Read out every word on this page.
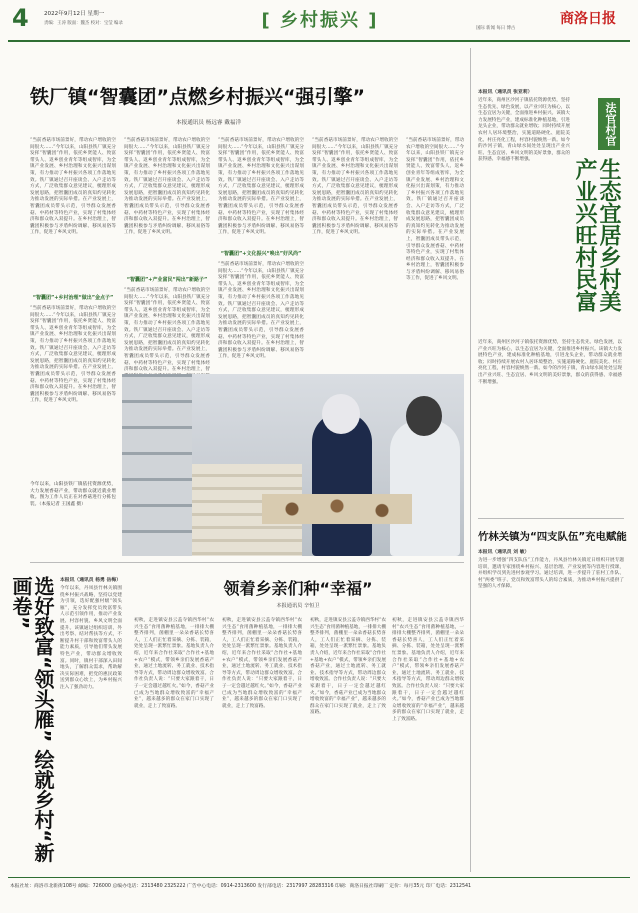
4	2022年9月12日 星期一
责编：王涛 版面：魏杰 校对：宝莹 编录	[ 乡村振兴 ]	商洛日报
国际 新闻 每日 博古
铁厂镇“智囊团”点燃乡村振兴“强引擎”
本报通讯员 杨远睿 戴福洋
“当前香菇市场前景好，带动农户增收的空间很大……”今年以来，山阳县铁厂镇充分发挥“智囊团”作用，依托乡贤能人、致富带头人、返乡创业青年等组成智库，为全镇产业发展、乡村治理和文化振兴出谋划策，有力推动了乡村振兴各项工作落地见效。铁厂镇通过召开座谈会、入户走访等方式，广泛收集群众意见建议，梳理形成发展思路，把智囊团成员的真知灼见转化为推动发展的实际举措。在产业发展上，智囊团成员带头示范，引导群众发展香菇、中药材等特色产业，实现了村集体经济和群众收入双提升。在乡村治理上，智囊团积极参与矛盾纠纷调解、移风易俗等工作，促进了乡风文明。
“智囊团”+乡村治理“做出”金点子”
“当前香菇市场前景好，带动农户增收的空间很大……”今年以来，山阳县铁厂镇充分发挥“智囊团”作用，依托乡贤能人、致富带头人、返乡创业青年等组成智库，为全镇产业发展、乡村治理和文化振兴出谋划策，有力推动了乡村振兴各项工作落地见效。铁厂镇通过召开座谈会、入户走访等方式，广泛收集群众意见建议，梳理形成发展思路，把智囊团成员的真知灼见转化为推动发展的实际举措。在产业发展上，智囊团成员带头示范，引导群众发展香菇、中药材等特色产业，实现了村集体经济和群众收入双提升。在乡村治理上，智囊团积极参与矛盾纠纷调解、移风易俗等工作，促进了乡风文明。
“当前香菇市场前景好，带动农户增收的空间很大……”今年以来，山阳县铁厂镇充分发挥“智囊团”作用，依托乡贤能人、致富带头人、返乡创业青年等组成智库，为全镇产业发展、乡村治理和文化振兴出谋划策，有力推动了乡村振兴各项工作落地见效。铁厂镇通过召开座谈会、入户走访等方式，广泛收集群众意见建议，梳理形成发展思路，把智囊团成员的真知灼见转化为推动发展的实际举措。在产业发展上，智囊团成员带头示范，引导群众发展香菇、中药材等特色产业，实现了村集体经济和群众收入双提升。在乡村治理上，智囊团积极参与矛盾纠纷调解、移风易俗等工作，促进了乡风文明。
“智囊团”+产业富民“闯出”新路子”
“当前香菇市场前景好，带动农户增收的空间很大……”今年以来，山阳县铁厂镇充分发挥“智囊团”作用，依托乡贤能人、致富带头人、返乡创业青年等组成智库，为全镇产业发展、乡村治理和文化振兴出谋划策，有力推动了乡村振兴各项工作落地见效。铁厂镇通过召开座谈会、入户走访等方式，广泛收集群众意见建议，梳理形成发展思路，把智囊团成员的真知灼见转化为推动发展的实际举措。在产业发展上，智囊团成员带头示范，引导群众发展香菇、中药材等特色产业，实现了村集体经济和群众收入双提升。在乡村治理上，智
“当前香菇市场前景好，带动农户增收的空间很大……”今年以来，山阳县铁厂镇充分发挥“智囊团”作用，依托乡贤能人、致富带头人、返乡创业青年等组成智库，为全镇产业发展、乡村治理和文化振兴出谋划策，有力推动了乡村振兴各项工作落地见效。铁厂镇通过召开座谈会、入户走访等方式，广泛收集群众意见建议，梳理形成发展思路，把智囊团成员的真知灼见转化为推动发展的实际举措。在产业发展上，智囊团成员带头示范，引导群众发展香菇、中药材等特色产业，实现了村集体经济和群众收入双提升。在乡村治理上，智囊团积极参与矛盾纠纷调解、移风易俗等工作，促进了乡风文明。
“智囊团”+文化振兴“唤出”好风尚”
“当前香菇市场前景好，带动农户增收的空间很大……”今年以来，山阳县铁厂镇充分发挥“智囊团”作用，依托乡贤能人、致富带头人、返乡创业青年等组成智库，为全镇产业发展、乡村治理和文化振兴出谋划策，有力推动了乡村振兴各项工作落地见效。铁厂镇通过召开座谈会、入户走访等方式，广泛收集群众意见建议，梳理形成发展思路，把智囊团成员的真知灼见转化为推动发展的实际举措。在产业发展上，智囊团成员带头示范，引导群众发展香菇、中药材等特色产业，实现了村集体经济和群众收入双提升。在乡村治理上，智囊团积极参与矛盾纠纷调解、移风易俗等工作，促进了乡风文明。
“当前香菇市场前景好，带动农户增收的空间很大……”今年以来，山阳县铁厂镇充分发挥“智囊团”作用，依托乡贤能人、致富带头人、返乡创业青年等组成智库，为全镇产业发展、乡村治理和文化振兴出谋划策，有力推动了乡村振兴各项工作落地见效。铁厂镇通过召开座谈会、入户走访等方式，广泛收集群众意见建议，梳理形成发展思路，把智囊团成员的真知灼见转化为推动发展的实际举措。在产业发展上，智囊团成员带头示范，引导群众发展香菇、中药材等特色产业，实现了村集体经济和群众收入双提升。在乡村治理上，智囊团积极参与矛盾纠纷调解、移风易俗等工作，促进了乡风文明。
“当前香菇市场前景好，带动农户增收的空间很大……”今年以来，山阳县铁厂镇充分发挥“智囊团”作用，依托乡贤能人、致富带头人、返乡创业青年等组成智库，为全镇产业发展、乡村治理和文化振兴出谋划策，有力推动了乡村振兴各项工作落地见效。铁厂镇通过召开座谈会、入户走访等方式，广泛收集群众意见建议，梳理形成发展思路，把智囊团成员的真知灼见转化为推动发展的实际举措。在产业发展上，智囊团成员带头示范，引导群众发展香菇、中药材等特色产业，实现了村集体经济和群众收入双提升。在乡村治理上，智囊团积极参与矛盾纠纷调解、移风易俗等工作，促进了乡风文明。
今年以来，山阳县铁厂镇依托资源优势，大力发展香菇产业，带动群众就近就业增收。图为工作人员正在对香菇进行分拣包装。（本报记者 王国鑫 摄）
选好致富“领头雁” 绘就乡村“新画卷”	本报讯（通讯员 杨勇 岳梅）
今年以来，丹凤县竹林关镇围绕乡村振兴战略，坚持以党建为引领，选好配强村级“领头雁”，充分发挥党员致富带头人示范引领作用，推动产业发展、村容村貌、乡风文明全面提升。该镇通过组织培训、外出考察、结对帮扶等方式，不断提升村干部和致富带头人的能力素质，引导他们带头发展特色产业，带动群众增收致富。同时，镇村干部深入田间地头，了解群众需求，帮助解决实际困难，把党的惠民政策送到群众心坎上，为乡村振兴注入了强劲动力。
领着乡亲们种“幸福”
本报通讯员 辛恒卫
初秋，走进镇安县云盖寺镇西华村“农兴生态”食用菌种植基地，一排排大棚整齐排列，菌棚里一朵朵香菇长势喜人，工人们正忙着采摘、分拣、装箱，处处呈现一派繁忙景象。基地负责人介绍，近年来合作社采取“合作社+基地+农户”模式，带领乡亲们发展香菇产业，通过土地流转、务工就业、技术指导等方式，带动周边群众增收致富。合作社负责人说：“只要大家跟着干，日子一定会越过越红火。”如今，香菇产业已成为当地群众增收致富的“幸福产业”，越来越多的群众在家门口实现了就业，走上了致富路。
初秋，走进镇安县云盖寺镇西华村“农兴生态”食用菌种植基地，一排排大棚整齐排列，菌棚里一朵朵香菇长势喜人，工人们正忙着采摘、分拣、装箱，处处呈现一派繁忙景象。基地负责人介绍，近年来合作社采取“合作社+基地+农户”模式，带领乡亲们发展香菇产业，通过土地流转、务工就业、技术指导等方式，带动周边群众增收致富。合作社负责人说：“只要大家跟着干，日子一定会越过越红火。”如今，香菇产业已成为当地群众增收致富的“幸福产业”，越来越多的群众在家门口实现了就业，走上了致富路。
初秋，走进镇安县云盖寺镇西华村“农兴生态”食用菌种植基地，一排排大棚整齐排列，菌棚里一朵朵香菇长势喜人，工人们正忙着采摘、分拣、装箱，处处呈现一派繁忙景象。基地负责人介绍，近年来合作社采取“合作社+基地+农户”模式，带领乡亲们发展香菇产业，通过土地流转、务工就业、技术指导等方式，带动周边群众增收致富。合作社负责人说：“只要大家跟着干，日子一定会越过越红火。”如今，香菇产业已成为当地群众增收致富的“幸福产业”，越来越多的群众在家门口实现了就业，走上了致富路。
初秋，走进镇安县云盖寺镇西华村“农兴生态”食用菌种植基地，一排排大棚整齐排列，菌棚里一朵朵香菇长势喜人，工人们正忙着采摘、分拣、装箱，处处呈现一派繁忙景象。基地负责人介绍，近年来合作社采取“合作社+基地+农户”模式，带领乡亲们发展香菇产业，通过土地流转、务工就业、技术指导等方式，带动周边群众增收致富。合作社负责人说：“只要大家跟着干，日子一定会越过越红火。”如今，香菇产业已成为当地群众增收致富的“幸福产业”，越来越多的群众在家门口实现了就业，走上了致富路。
法官村官
生态宜居乡村美 产业兴旺村民富
本报讯（通讯员 张亚莉）
近年来，商州区沙河子镇依托资源优势，坚持生态优先、绿色发展，以产业兴旺为核心，以生态宜居为关键，全面推进乡村振兴。该镇大力发展特色产业，建成标准化种植基地，引进龙头企业，带动群众就业增收；同时持续开展农村人居环境整治，实施道路硬化、庭院美化、村庄亮化工程，村容村貌焕然一新。如今的沙河子镇，青山绿水间处处呈现出产业兴旺、生态宜居、乡风文明的美好景象，群众的获得感、幸福感不断增强。
近年来，商州区沙河子镇依托资源优势，坚持生态优先、绿色发展，以产业兴旺为核心，以生态宜居为关键，全面推进乡村振兴。该镇大力发展特色产业，建成标准化种植基地，引进龙头企业，带动群众就业增收；同时持续开展农村人居环境整治，实施道路硬化、庭院美化、村庄亮化工程，村容村貌焕然一新。如今的沙河子镇，青山绿水间处处呈现出产业兴旺、生态宜居、乡风文明的美好景象，群众的获得感、幸福感不断增强。
竹林关镇为“四支队伍”充电赋能
本报讯（通讯员 刘 敏）
为进一步增强“四支队伍”工作能力，丹凤县竹林关镇近日组织开展专题培训，邀请专家围绕乡村振兴、基层治理、产业发展等内容进行授课，并组织学员到先进村参观学习。通过培训，进一步提升了驻村工作队、村“两委”班子、党员和致富带头人的综合素质，为推动乡村振兴提供了坚强的人才保障。
本报社址：商洛市北新街108号 邮编：726000 总编办电话：2313480 2325222 广告中心电话：0914-2313600 发行部电话：2317997 28283316 印刷：商洛日报社印刷厂 定价：每月35元 印厂电话：2312541
